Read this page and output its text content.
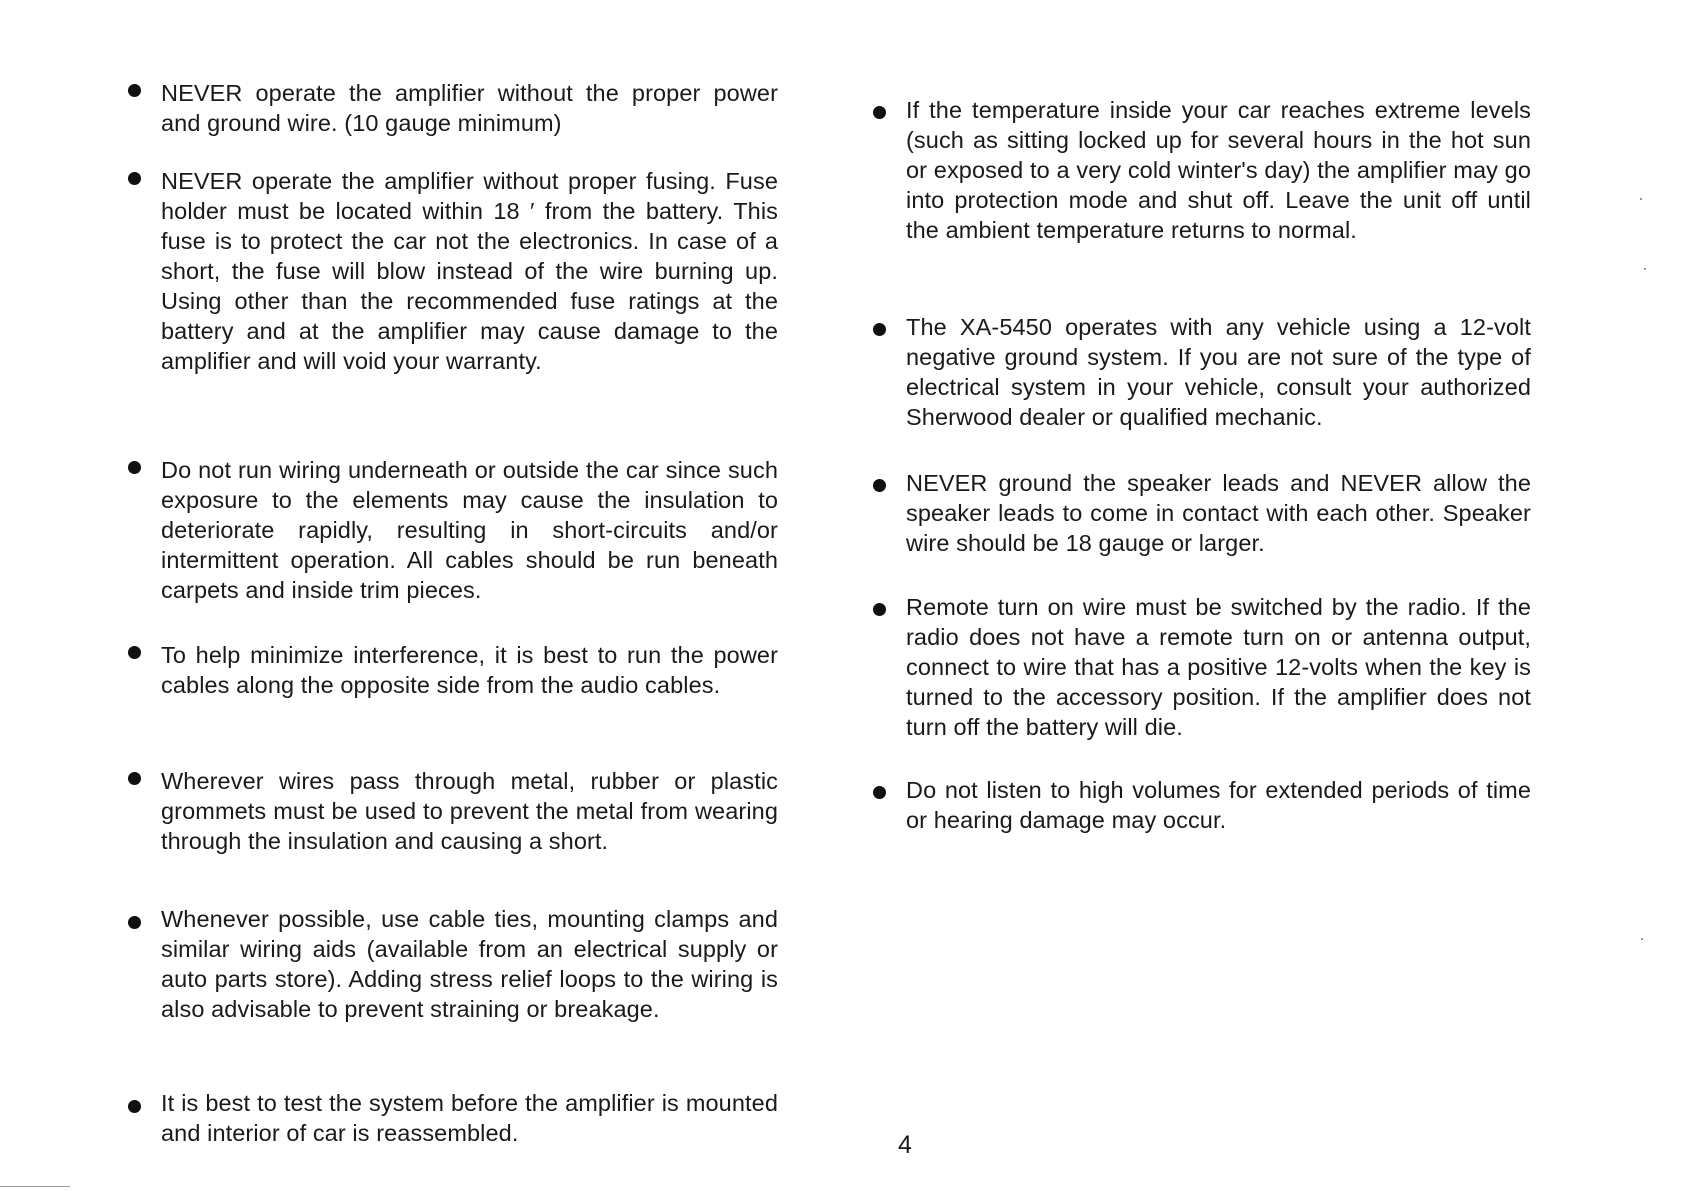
NEVER operate the amplifier without the proper power and ground wire. (10 gauge minimum)

NEVER operate the amplifier without proper fusing. Fuse holder must be located within 18 ′ from the battery. This fuse is to protect the car not the electronics. In case of a short, the fuse will blow instead of the wire burning up. Using other than the recommended fuse ratings at the battery and at the amplifier may cause damage to the amplifier and will void your warranty.

Do not run wiring underneath or outside the car since such exposure to the elements may cause the insulation to deteriorate rapidly, resulting in short-circuits and/or intermittent operation. All cables should be run beneath carpets and inside trim pieces.

To help minimize interference, it is best to run the power cables along the opposite side from the audio cables.

Wherever wires pass through metal, rubber or plastic grommets must be used to prevent the metal from wearing through the insulation and causing a short.

Whenever possible, use cable ties, mounting clamps and similar wiring aids (available from an electrical supply or auto parts store). Adding stress relief loops to the wiring is also advisable to prevent straining or breakage.

It is best to test the system before the amplifier is mounted and interior of car is reassembled.

If the temperature inside your car reaches extreme levels (such as sitting locked up for several hours in the hot sun or exposed to a very cold winter's day) the amplifier may go into protection mode and shut off. Leave the unit off until the ambient temperature returns to normal.

The XA-5450 operates with any vehicle using a 12-volt negative ground system. If you are not sure of the type of electrical system in your vehicle, consult your authorized Sherwood dealer or qualified mechanic.

NEVER ground the speaker leads and NEVER allow the speaker leads to come in contact with each other. Speaker wire should be 18 gauge or larger.

Remote turn on wire must be switched by the radio. If the radio does not have a remote turn on or antenna output, connect to wire that has a positive 12-volts when the key is turned to the accessory position. If the amplifier does not turn off the battery will die.

Do not listen to high volumes for extended periods of time or hearing damage may occur.

4
